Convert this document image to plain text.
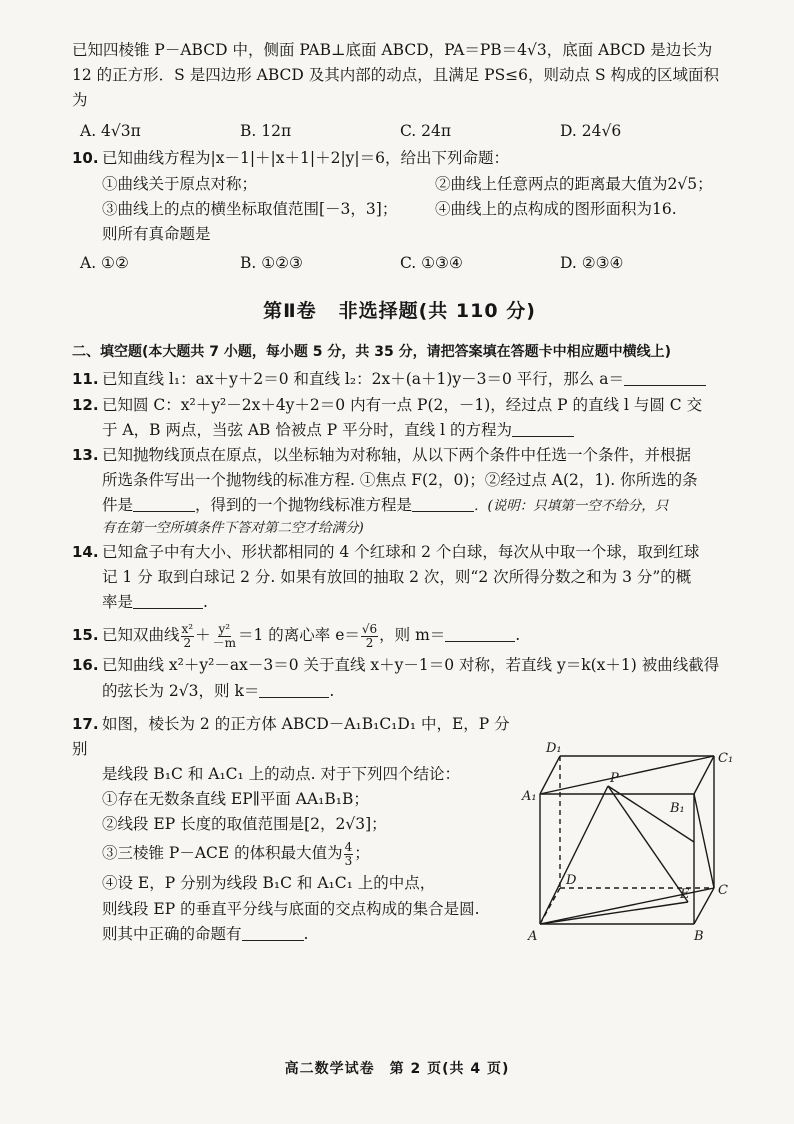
已知四棱锥 P－ABCD 中，侧面 PAB⊥底面 ABCD，PA＝PB＝4√3，底面 ABCD 是边长为12 的正方形．S 是四边形 ABCD 及其内部的动点，且满足 PS≤6，则动点 S 构成的区域面积为

A. 4√3π	B. 12π	C. 24π	D. 24√6

10. 已知曲线方程为|x－1|＋|x＋1|＋2|y|＝6，给出下列命题：

①曲线关于原点对称；	②曲线上任意两点的距离最大值为2√5；
③曲线上的点的横坐标取值范围[－3，3]；	④曲线上的点构成的图形面积为16.

则所有真命题是

A. ①②	B. ①②③	C. ①③④	D. ②③④
第Ⅱ卷 非选择题(共 110 分)

二、填空题(本大题共 7 小题，每小题 5 分，共 35 分，请把答案填在答题卡中相应题中横线上)

11. 已知直线 l₁：ax＋y＋2＝0 和直线 l₂：2x＋(a＋1)y－3＝0 平行，那么 a＝

12. 已知圆 C：x²＋y²－2x＋4y＋2＝0 内有一点 P(2，－1)，经过点 P 的直线 l 与圆 C 交

于 A，B 两点，当弦 AB 恰被点 P 平分时，直线 l 的方程为

13. 已知抛物线顶点在原点，以坐标轴为对称轴，从以下两个条件中任选一个条件，并根据

所选条件写出一个抛物线的标准方程. ①焦点 F(2，0)；②经过点 A(2，1). 你所选的条

件是	，得到的一个抛物线标准方程是	．(说明：只填第一空不给分，只

有在第一空所填条件下答对第二空才给满分)

14. 已知盒子中有大小、形状都相同的 4 个红球和 2 个白球，每次从中取一个球，取到红球

记 1 分 取到白球记 2 分. 如果有放回的抽取 2 次，则“2 次所得分数之和为 3 分”的概

率是	.

15. 已知双曲线 $\frac{\text{x²}}{2} + \frac{\text{y²}}{-m} =1$ 的离心率 $e= \frac{√6}{2}$ ，则 m＝	.

16. 已知曲线 x²＋y²－ax－3＝0 关于直线 x＋y－1＝0 对称，若直线 y＝k(x＋1) 被曲线截得

的弦长为 2√3，则 k＝	.

17. 如图，棱长为 2 的正方体 ABCD－A₁B₁C₁D₁ 中，E，P 分别

是线段 B₁C 和 A₁C₁ 上的动点. 对于下列四个结论：

①存在无数条直线 EP∥平面 AA₁B₁B；

②线段 EP 长度的取值范围是[2，2√3]；

③三棱锥 P－ACE 的体积最大值为 $\frac{4}{3}$ ；

④设 E，P 分别为线段 B₁C 和 A₁C₁ 上的中点，

则线段 EP 的垂直平分线与底面的交点构成的集合是圆.

则其中正确的命题有	.

D₁
C₁
A₁
B₁
P
D
E C
A	B
高二数学试卷　第 2 页(共 4 页)
